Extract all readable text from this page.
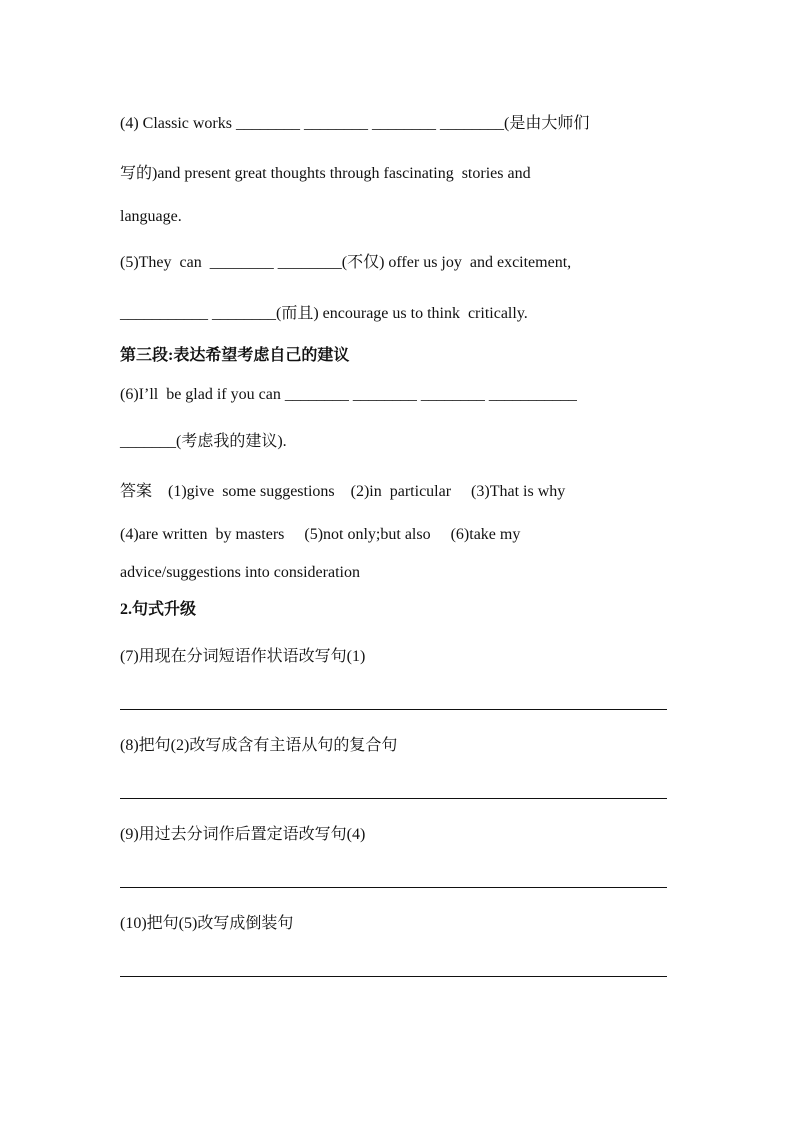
(4) Classic works ________ ________ ________ ________(是由大师们
写的)and present great thoughts through fascinating  stories and
language.
(5)They  can  ________ ________(不仅) offer us joy  and excitement,
___________ ________(而且) encourage us to think  critically.
第三段:表达希望考虑自己的建议
(6)I’ll  be glad if you can ________ ________ ________ ___________
_______(考虑我的建议).
答案    (1)give  some suggestions    (2)in  particular     (3)That is why
(4)are written  by masters     (5)not only;but also     (6)take my
advice/suggestions into consideration
2.句式升级
(7)用现在分词短语作状语改写句(1)
(8)把句(2)改写成含有主语从句的复合句
(9)用过去分词作后置定语改写句(4)
(10)把句(5)改写成倒装句
